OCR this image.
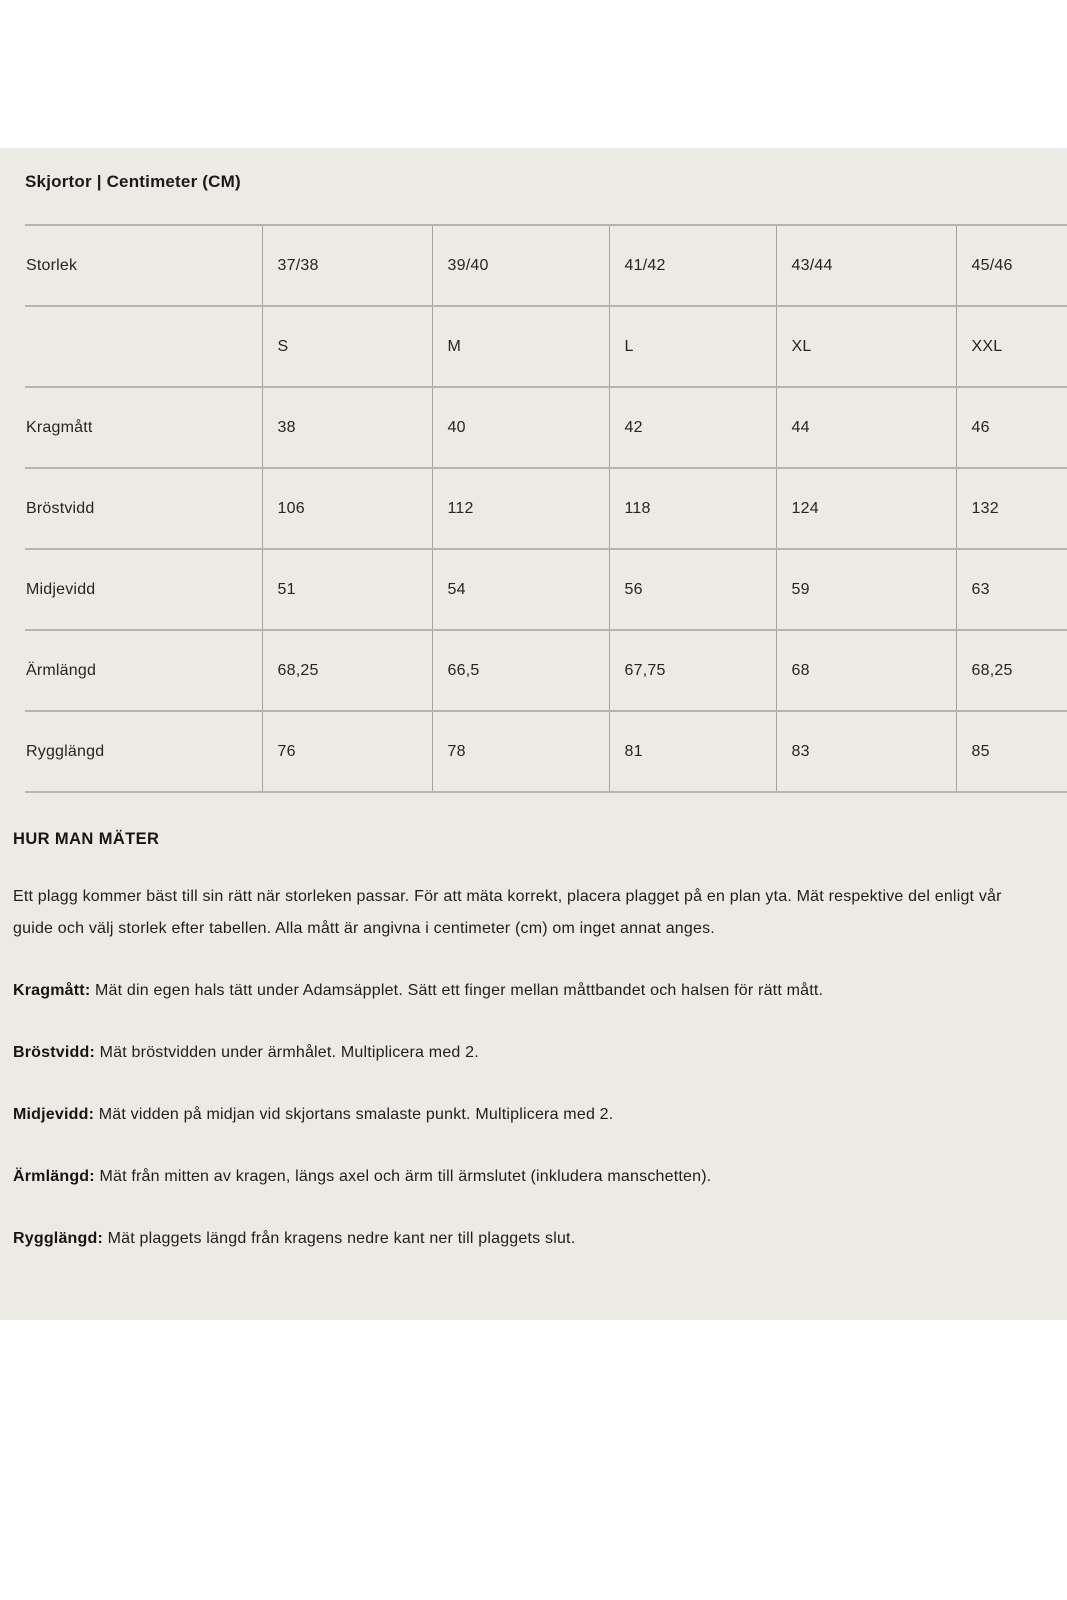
Skjortor | Centimeter (CM)
Storlek	37/38	39/40	41/42	43/44	45/46
	S	M	L	XL	XXL
Kragmått	38	40	42	44	46
Bröstvidd	106	112	118	124	132
Midjevidd	51	54	56	59	63
Ärmlängd	68,25	66,5	67,75	68	68,25
Rygglängd	76	78	81	83	85
HUR MAN MÄTER

Ett plagg kommer bäst till sin rätt när storleken passar. För att mäta korrekt, placera plagget på en plan yta. Mät respektive del enligt vår guide och välj storlek efter tabellen. Alla mått är angivna i centimeter (cm) om inget annat anges.

Kragmått: Mät din egen hals tätt under Adamsäpplet. Sätt ett finger mellan måttbandet och halsen för rätt mått.

Bröstvidd: Mät bröstvidden under ärmhålet. Multiplicera med 2.

Midjevidd: Mät vidden på midjan vid skjortans smalaste punkt. Multiplicera med 2.

Ärmlängd: Mät från mitten av kragen, längs axel och ärm till ärmslutet (inkludera manschetten).

Rygglängd: Mät plaggets längd från kragens nedre kant ner till plaggets slut.
